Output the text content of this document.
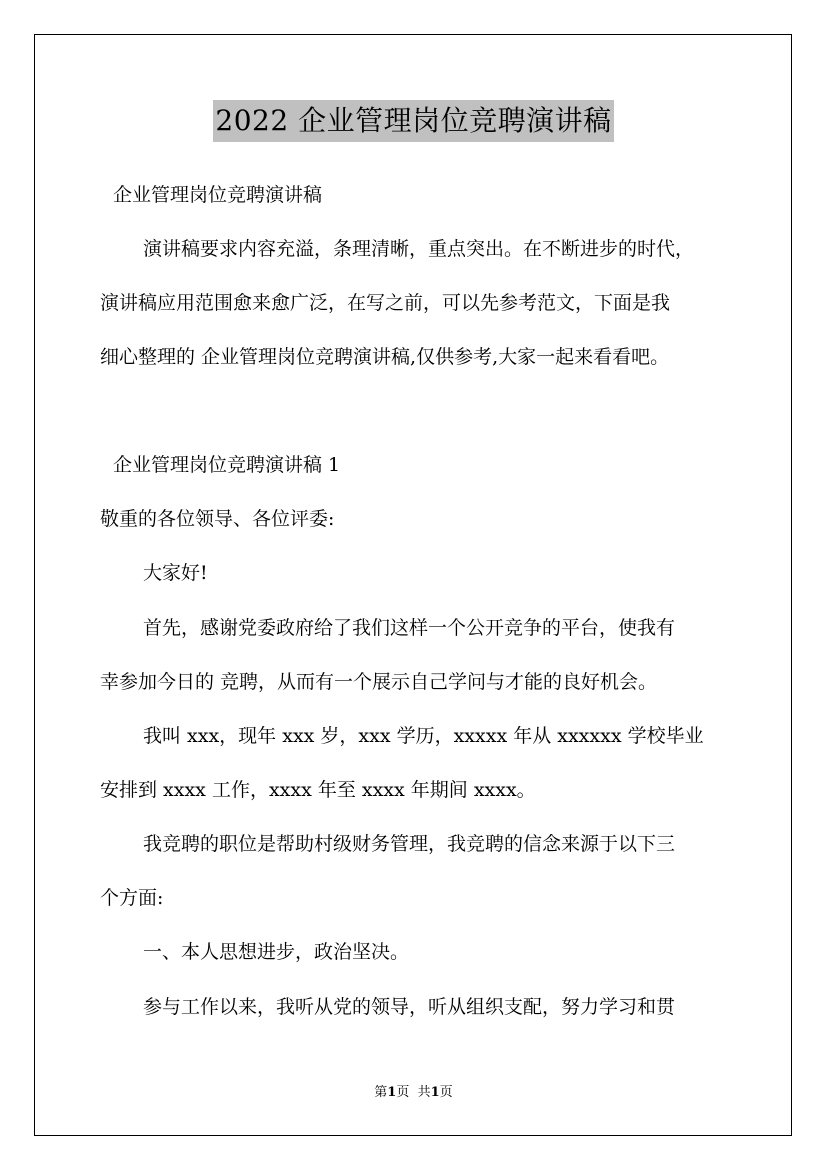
2022 企业管理岗位竞聘演讲稿
企业管理岗位竞聘演讲稿
演讲稿要求内容充溢，条理清晰，重点突出。在不断进步的时代，
演讲稿应用范围愈来愈广泛，在写之前，可以先参考范文，下面是我
细心整理的 企业管理岗位竞聘演讲稿,仅供参考,大家一起来看看吧。
企业管理岗位竞聘演讲稿 1
敬重的各位领导、各位评委:
大家好!
首先，感谢党委政府给了我们这样一个公开竞争的平台，使我有
幸参加今日的 竞聘，从而有一个展示自己学问与才能的良好机会。
我叫 xxx，现年 xxx 岁，xxx 学历，xxxxx 年从 xxxxxx 学校毕业
安排到 xxxx 工作，xxxx 年至 xxxx 年期间 xxxx。
我竞聘的职位是帮助村级财务管理，我竞聘的信念来源于以下三
个方面:
一、本人思想进步，政治坚决。
参与工作以来，我听从党的领导，听从组织支配，努力学习和贯
第1页 共1页
